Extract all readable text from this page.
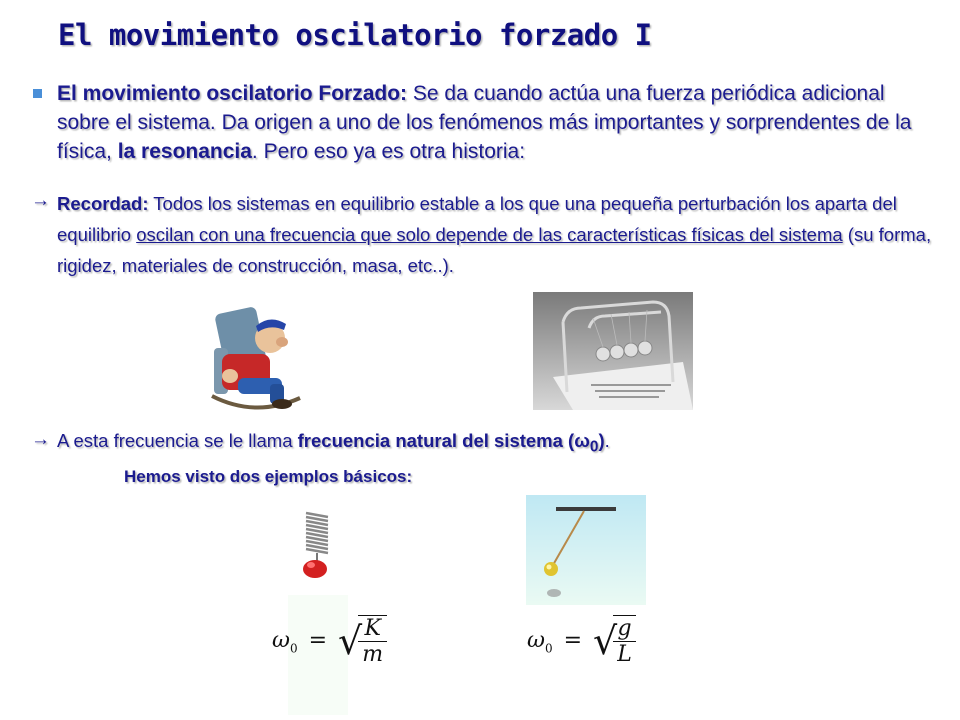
El movimiento oscilatorio forzado I
El movimiento oscilatorio Forzado: Se da cuando actúa una fuerza periódica adicional sobre el sistema. Da origen a uno de los fenómenos más importantes y sorprendentes de la física, la resonancia. Pero eso ya es otra historia:
→ Recordad: Todos los sistemas en equilibrio estable a los que una pequeña perturbación los aparta del equilibrio oscilan con una frecuencia que solo depende de las características físicas del sistema (su forma, rigidez, materiales de construcción, masa, etc..).
→ A esta frecuencia se le llama frecuencia natural del sistema $(\omega_0)$.
Hemos visto dos ejemplos básicos:
$\omega_0$ = √
$\frac{K}{m}$	$\omega_0$ = √
$\frac{g}{L}$
